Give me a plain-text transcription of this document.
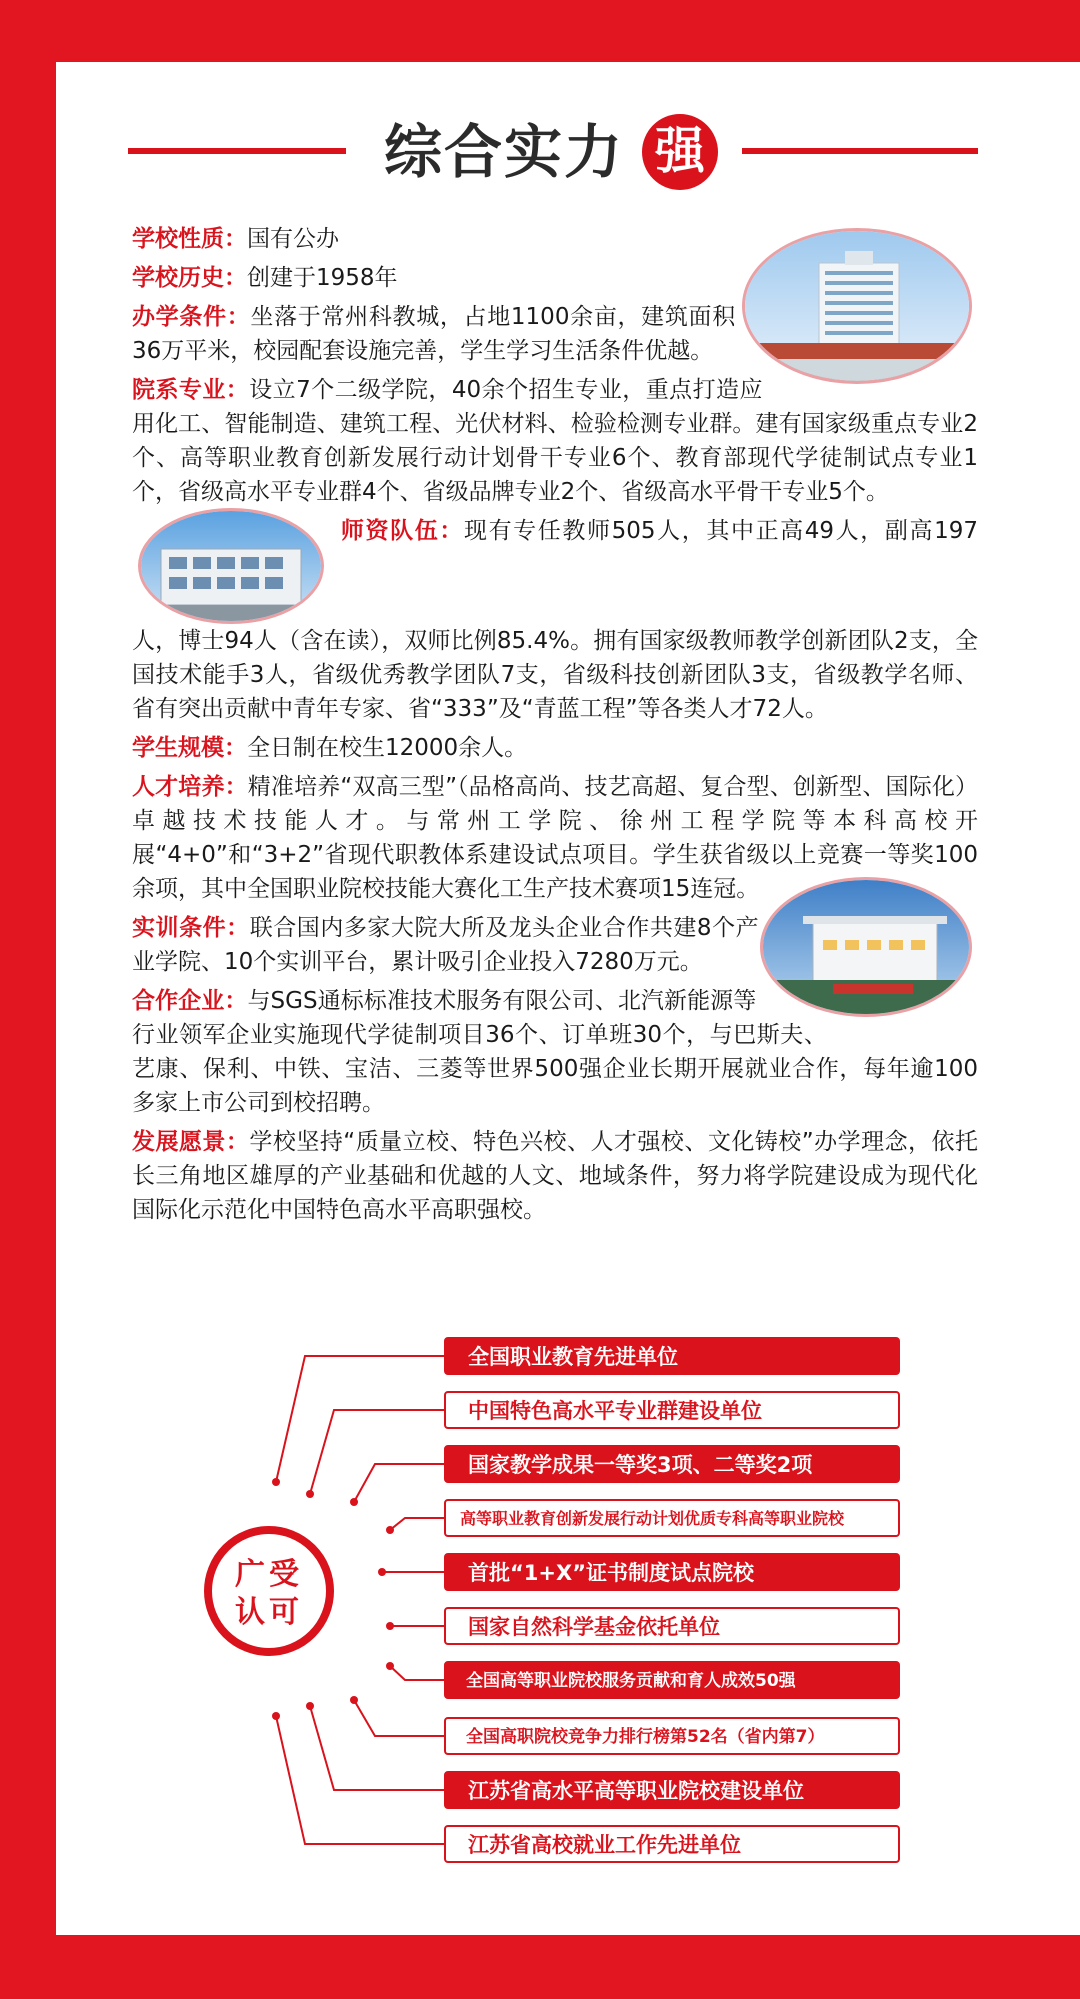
综合实力 强

学校性质 ： 国有公办

学校历史 ： 创建于1958年

办学条件 ： 坐落于常州科教城，占地1100余亩，建筑面积36万平米，校园配套设施完善，学生学习生活条件优越。

院系专业 ： 设立7个二级学院，40余个招生专业，重点打造应用化工、智能制造、建筑工程、光伏材料、检验检测专业群。建有国家级重点专业2个、高等职业教育创新发展行动计划骨干专业6个、教育部现代学徒制试点专业1个，省级高水平专业群4个、省级品牌专业2个、省级高水平骨干专业5个。

师资队伍 ： 现有专任教师505人，其中正高49人，副高197人，博士94人（含在读），双师比例85.4%。拥有国家级教师教学创新团队2支，全国技术能手3人，省级优秀教学团队7支，省级科技创新团队3支，省级教学名师、省有突出贡献中青年专家、省“333”及“青蓝工程”等各类人才72人。

学生规模 ： 全日制在校生12000余人。

人才培养 ： 精准培养“双高三型”（品格高尚、技艺高超、复合型、创新型、国际化）卓越技术技能人才。与常州工学院、徐州工程学院等本科高校开展“4+0”和“3+2”省现代职教体系建设试点项目。学生获省级以上竞赛一等奖100余项，其中全国职业院校技能大赛化工生产技术赛项15连冠。

实训条件 ： 联合国内多家大院大所及龙头企业合作共建8个产业学院、10个实训平台，累计吸引企业投入7280万元。

合作企业 ： 与SGS通标标准技术服务有限公司、北汽新能源等行业领军企业实施现代学徒制项目36个、订单班30个，与巴斯夫、艺康、保利、中铁、宝洁、三菱等世界500强企业长期开展就业合作，每年逾100多家上市公司到校招聘。

发展愿景 ： 学校坚持“质量立校、特色兴校、人才强校、文化铸校”办学理念，依托长三角地区雄厚的产业基础和优越的人文、地域条件，努力将学院建设成为现代化国际化示范化中国特色高水平高职强校。

广受
认可
全国职业教育先进单位
中国特色高水平专业群建设单位
国家教学成果一等奖3项、二等奖2项
高等职业教育创新发展行动计划优质专科高等职业院校
首批“1+X”证书制度试点院校
国家自然科学基金依托单位
全国高等职业院校服务贡献和育人成效50强
全国高职院校竞争力排行榜第52名（省内第7）
江苏省高水平高等职业院校建设单位
江苏省高校就业工作先进单位
